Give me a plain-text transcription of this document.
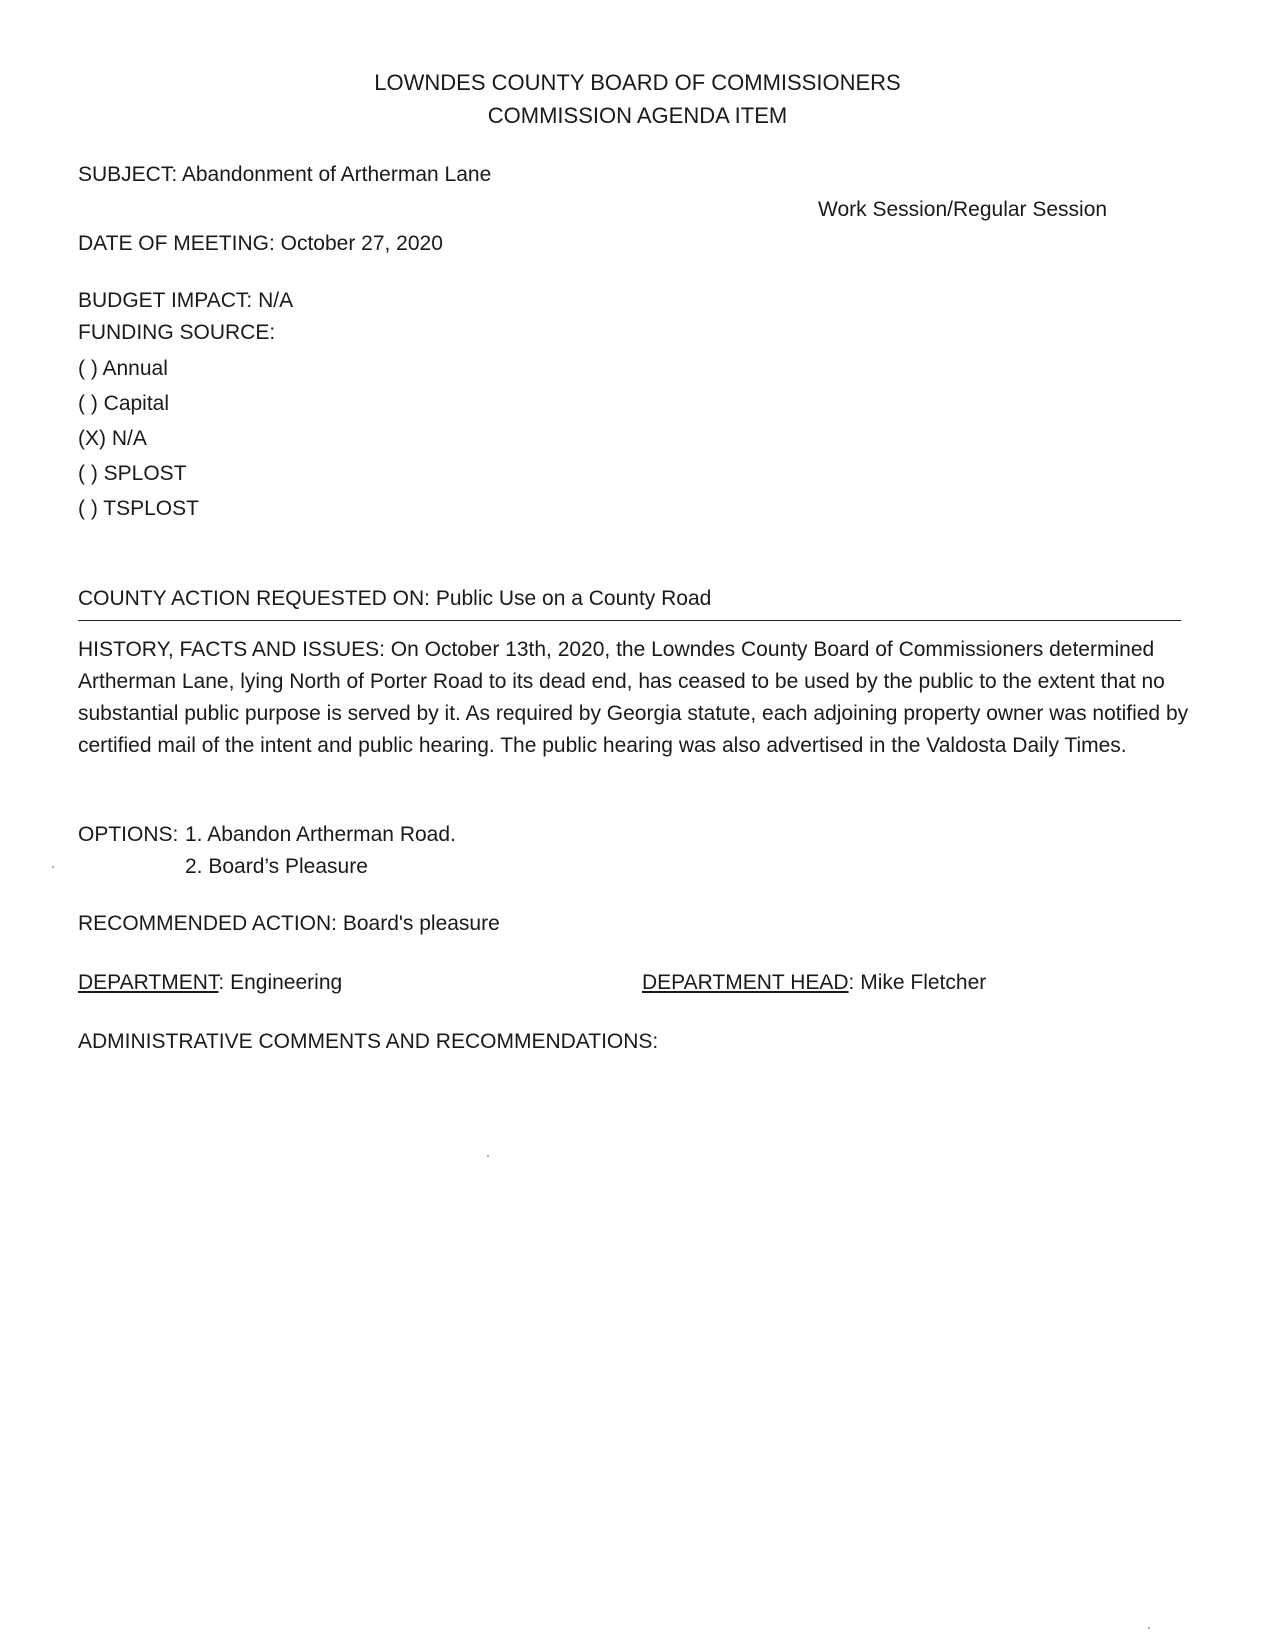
LOWNDES COUNTY BOARD OF COMMISSIONERS
COMMISSION AGENDA ITEM
SUBJECT: Abandonment of Artherman Lane
Work Session/Regular Session
DATE OF MEETING: October 27, 2020
BUDGET IMPACT: N/A
FUNDING SOURCE:
( ) Annual
( ) Capital
(X) N/A
( ) SPLOST
( ) TSPLOST
COUNTY ACTION REQUESTED ON: Public Use on a County Road
HISTORY, FACTS AND ISSUES: On October 13th, 2020, the Lowndes County Board of Commissioners determined Artherman Lane, lying North of Porter Road to its dead end, has ceased to be used by the public to the extent that no substantial public purpose is served by it. As required by Georgia statute, each adjoining property owner was notified by certified mail of the intent and public hearing. The public hearing was also advertised in the Valdosta Daily Times.
OPTIONS: 1. Abandon Artherman Road.
2. Board’s Pleasure
RECOMMENDED ACTION: Board's pleasure
DEPARTMENT: Engineering	DEPARTMENT HEAD: Mike Fletcher
ADMINISTRATIVE COMMENTS AND RECOMMENDATIONS:
